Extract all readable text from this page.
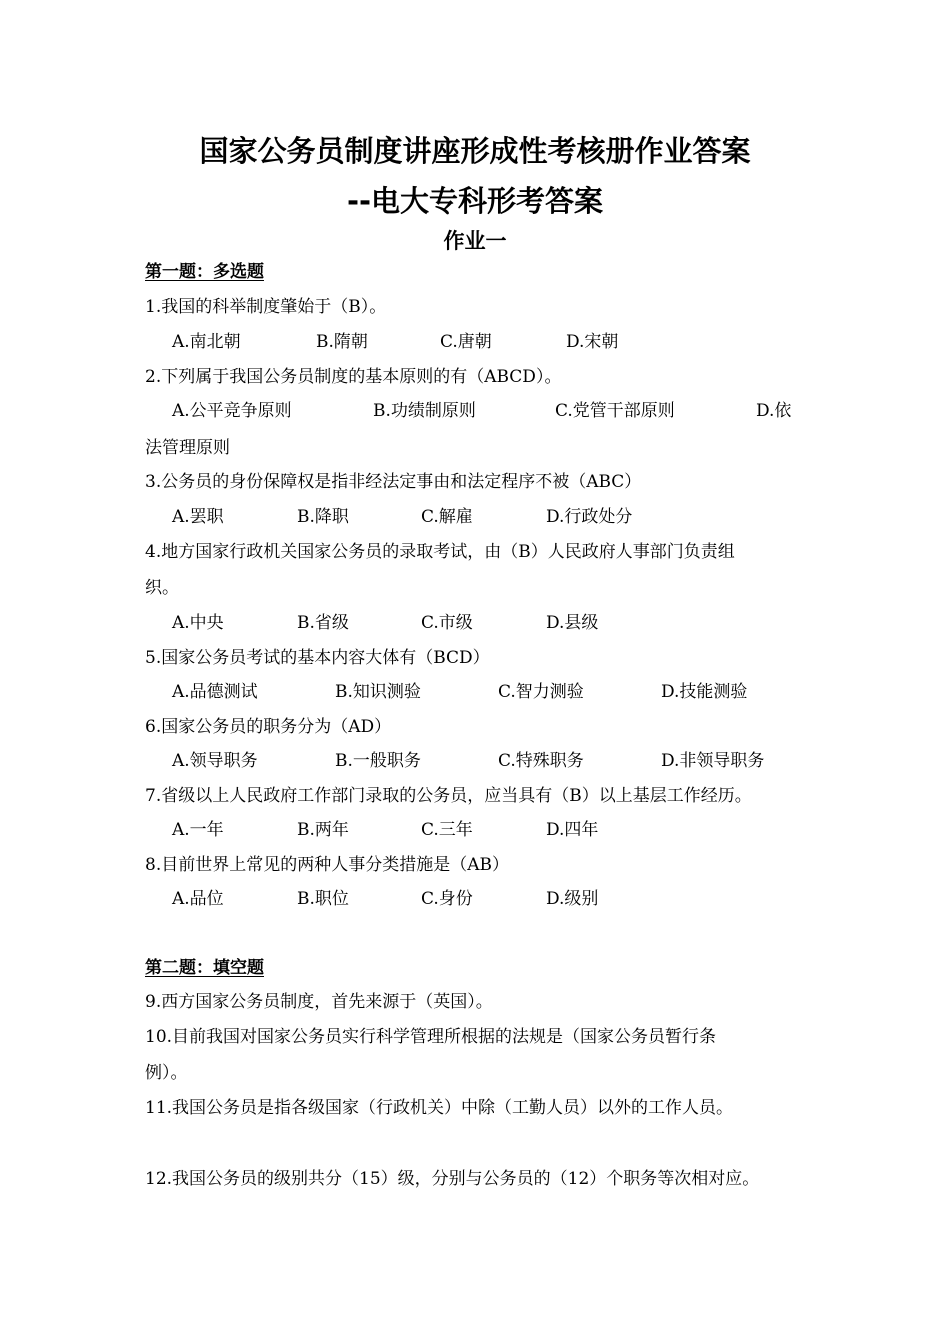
国家公务员制度讲座形成性考核册作业答案
--电大专科形考答案
作业一
第一题：多选题
1.我国的科举制度肇始于（B）。
A.南北朝	B.隋朝	C.唐朝	D.宋朝
2.下列属于我国公务员制度的基本原则的有（ABCD）。
A.公平竞争原则	B.功绩制原则	C.党管干部原则	D.依
法管理原则
3.公务员的身份保障权是指非经法定事由和法定程序不被（ABC）
A.罢职	B.降职	C.解雇	D.行政处分
4.地方国家行政机关国家公务员的录取考试，由（B）人民政府人事部门负责组
织。
A.中央	B.省级	C.市级	D.县级
5.国家公务员考试的基本内容大体有（BCD）
A.品德测试	B.知识测验	C.智力测验	D.技能测验
6.国家公务员的职务分为（AD）
A.领导职务	B.一般职务	C.特殊职务	D.非领导职务
7.省级以上人民政府工作部门录取的公务员，应当具有（B）以上基层工作经历。
A.一年	B.两年	C.三年	D.四年
8.目前世界上常见的两种人事分类措施是（AB）
A.品位	B.职位	C.身份	D.级别
第二题：填空题
9.西方国家公务员制度，首先来源于（英国）。
10.目前我国对国家公务员实行科学管理所根据的法规是（国家公务员暂行条
例）。
11.我国公务员是指各级国家（行政机关）中除（工勤人员）以外的工作人员。
12.我国公务员的级别共分（15）级，分别与公务员的（12）个职务等次相对应。
